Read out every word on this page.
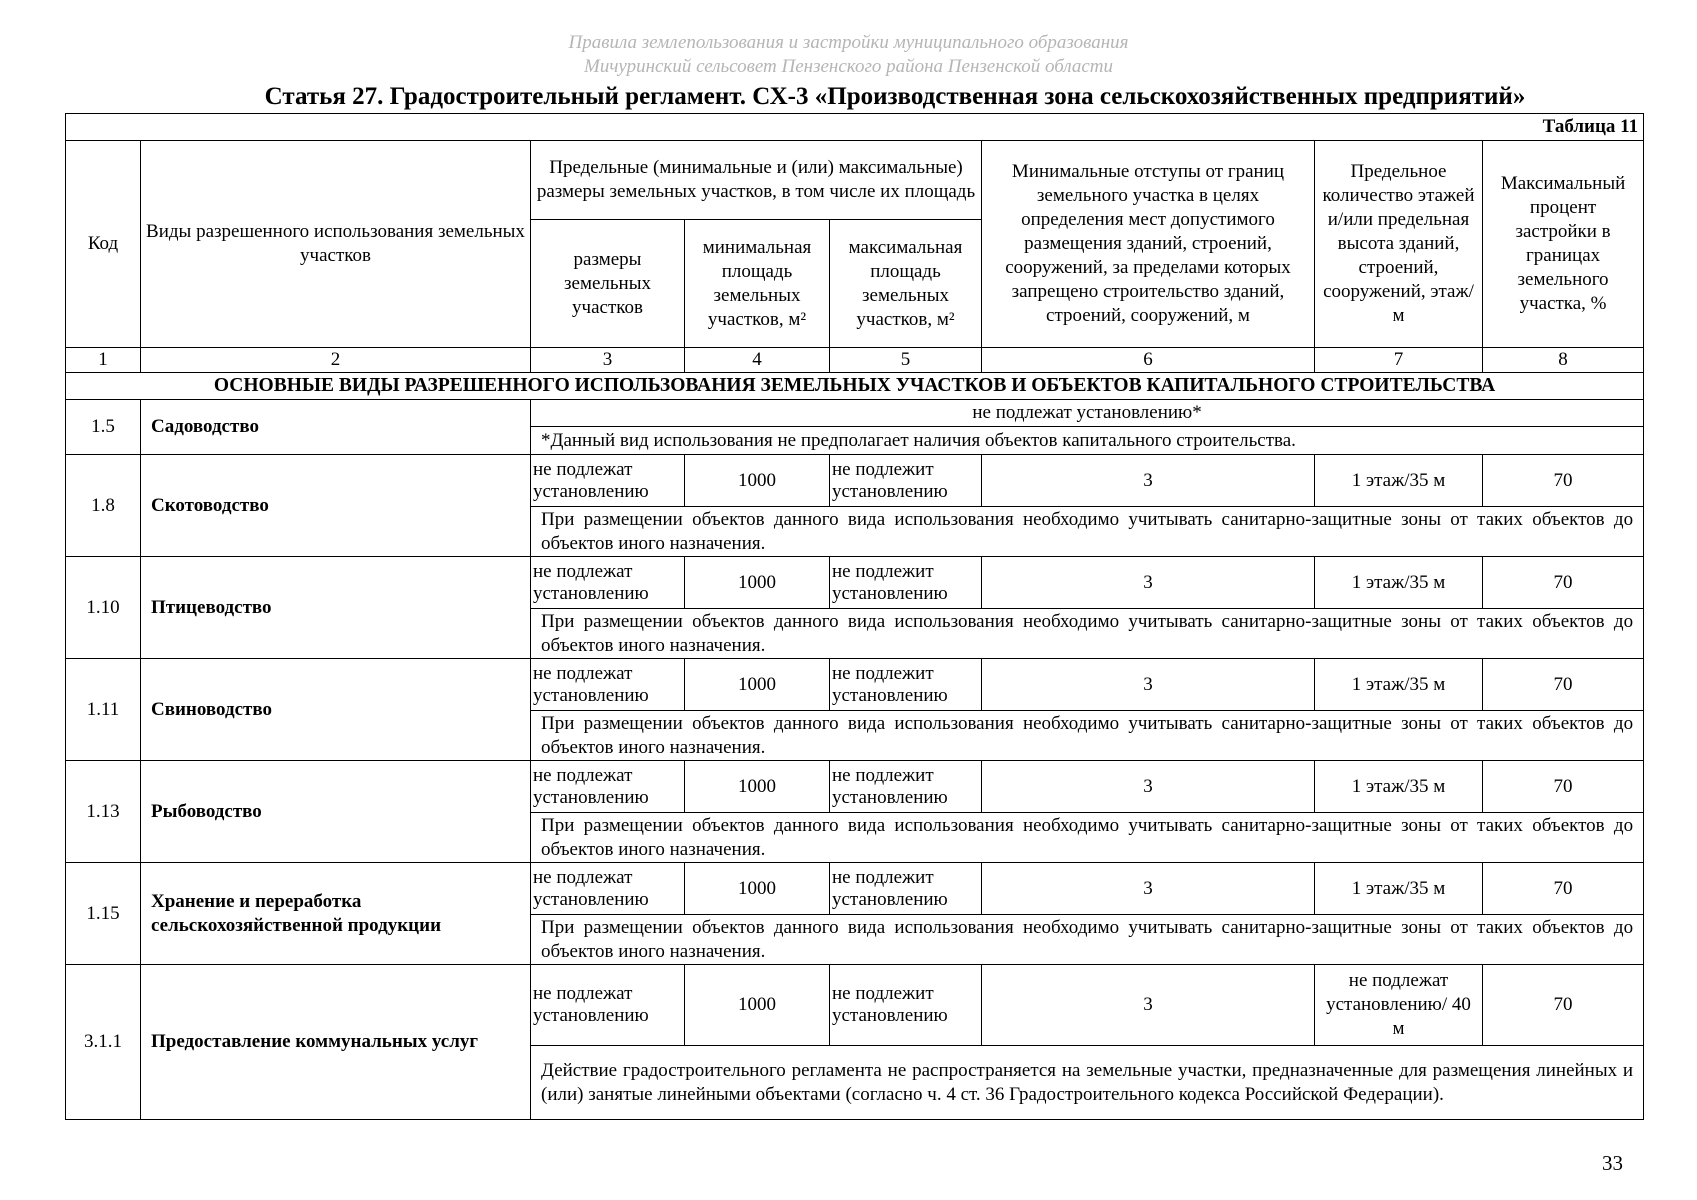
Правила землепользования и застройки муниципального образования
Мичуринский сельсовет Пензенского района Пензенской области
Статья 27. Градостроительный регламент. СХ-3 «Производственная зона сельскохозяйственных предприятий»
Таблица 11							
Код	Виды разрешенного использования земельных участков	Предельные (минимальные и (или) максимальные) размеры земельных участков, в том числе их площадь			Минимальные отступы от границ земельного участка в целях определения мест допустимого размещения зданий, строений, сооружений, за пределами которых запрещено строительство зданий, строений, сооружений, м	Предельное количество этажей и/или предельная высота зданий, строений, сооружений, этаж/м	Максимальный процент застройки в границах земельного участка, %
		размеры земельных участков	минимальная площадь земельных участков, м²	максимальная площадь земельных участков, м²			
1	2	3	4	5	6	7	8
ОСНОВНЫЕ ВИДЫ РАЗРЕШЕННОГО ИСПОЛЬЗОВАНИЯ ЗЕМЕЛЬНЫХ УЧАСТКОВ И ОБЪЕКТОВ КАПИТАЛЬНОГО СТРОИТЕЛЬСТВА							
1.5	Садоводство	не подлежат установлению*					
		*Данный вид использования не предполагает наличия объектов капитального строительства.					
1.8	Скотоводство	не подлежат установлению	1000	не подлежит установлению	3	1 этаж/35 м	70
		При размещении объектов данного вида использования необходимо учитывать санитарно-защитные зоны от таких объектов до объектов иного назначения.					
1.10	Птицеводство	не подлежат установлению	1000	не подлежит установлению	3	1 этаж/35 м	70
		При размещении объектов данного вида использования необходимо учитывать санитарно-защитные зоны от таких объектов до объектов иного назначения.					
1.11	Свиноводство	не подлежат установлению	1000	не подлежит установлению	3	1 этаж/35 м	70
		При размещении объектов данного вида использования необходимо учитывать санитарно-защитные зоны от таких объектов до объектов иного назначения.					
1.13	Рыбоводство	не подлежат установлению	1000	не подлежит установлению	3	1 этаж/35 м	70
		При размещении объектов данного вида использования необходимо учитывать санитарно-защитные зоны от таких объектов до объектов иного назначения.					
1.15	Хранение и переработка сельскохозяйственной продукции	не подлежат установлению	1000	не подлежит установлению	3	1 этаж/35 м	70
		При размещении объектов данного вида использования необходимо учитывать санитарно-защитные зоны от таких объектов до объектов иного назначения.					
3.1.1	Предоставление коммунальных услуг	не подлежат установлению	1000	не подлежит установлению	3	не подлежат установлению/ 40 м	70
		Действие градостроительного регламента не распространяется на земельные участки, предназначенные для размещения линейных и (или) занятые линейными объектами (согласно ч. 4 ст. 36 Градостроительного кодекса Российской Федерации).					
33
